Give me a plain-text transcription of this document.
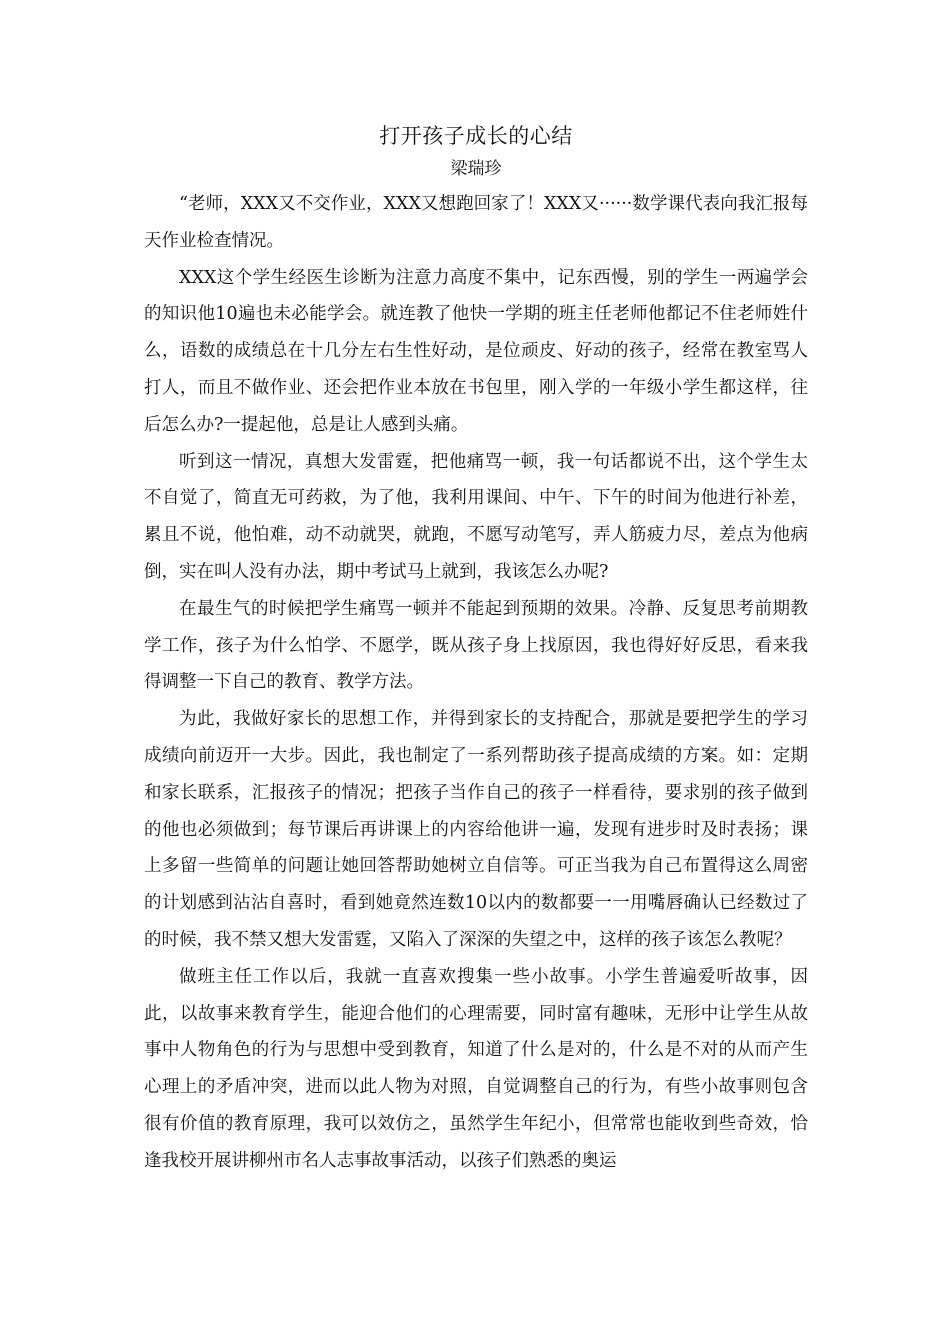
打开孩子成长的心结
梁瑞珍

“老师，XXX又不交作业，XXX又想跑回家了！XXX又······数学课代表向我汇报每天作业检查情况。

XXX这个学生经医生诊断为注意力高度不集中，记东西慢，别的学生一两遍学会的知识他10遍也未必能学会。就连教了他快一学期的班主任老师他都记不住老师姓什么，语数的成绩总在十几分左右生性好动，是位顽皮、好动的孩子，经常在教室骂人打人，而且不做作业、还会把作业本放在书包里，刚入学的一年级小学生都这样，往后怎么办?一提起他，总是让人感到头痛。

听到这一情况，真想大发雷霆，把他痛骂一顿，我一句话都说不出，这个学生太不自觉了，简直无可药救，为了他，我利用课间、中午、下午的时间为他进行补差，累且不说，他怕难，动不动就哭，就跑，不愿写动笔写，弄人筋疲力尽，差点为他病倒，实在叫人没有办法，期中考试马上就到，我该怎么办呢?

在最生气的时候把学生痛骂一顿并不能起到预期的效果。冷静、反复思考前期教学工作，孩子为什么怕学、不愿学，既从孩子身上找原因，我也得好好反思，看来我得调整一下自己的教育、教学方法。

为此，我做好家长的思想工作，并得到家长的支持配合，那就是要把学生的学习成绩向前迈开一大步。因此，我也制定了一系列帮助孩子提高成绩的方案。如：定期和家长联系，汇报孩子的情况；把孩子当作自己的孩子一样看待，要求别的孩子做到的他也必须做到；每节课后再讲课上的内容给他讲一遍，发现有进步时及时表扬；课上多留一些简单的问题让她回答帮助她树立自信等。可正当我为自己布置得这么周密的计划感到沾沾自喜时，看到她竟然连数10以内的数都要一一用嘴唇确认已经数过了的时候，我不禁又想大发雷霆，又陷入了深深的失望之中，这样的孩子该怎么教呢？

做班主任工作以后，我就一直喜欢搜集一些小故事。小学生普遍爱听故事，因此，以故事来教育学生，能迎合他们的心理需要，同时富有趣味，无形中让学生从故事中人物角色的行为与思想中受到教育，知道了什么是对的，什么是不对的从而产生心理上的矛盾冲突，进而以此人物为对照，自觉调整自己的行为，有些小故事则包含很有价值的教育原理，我可以效仿之，虽然学生年纪小，但常常也能收到些奇效，恰逢我校开展讲柳州市名人志事故事活动，以孩子们熟悉的奥运
